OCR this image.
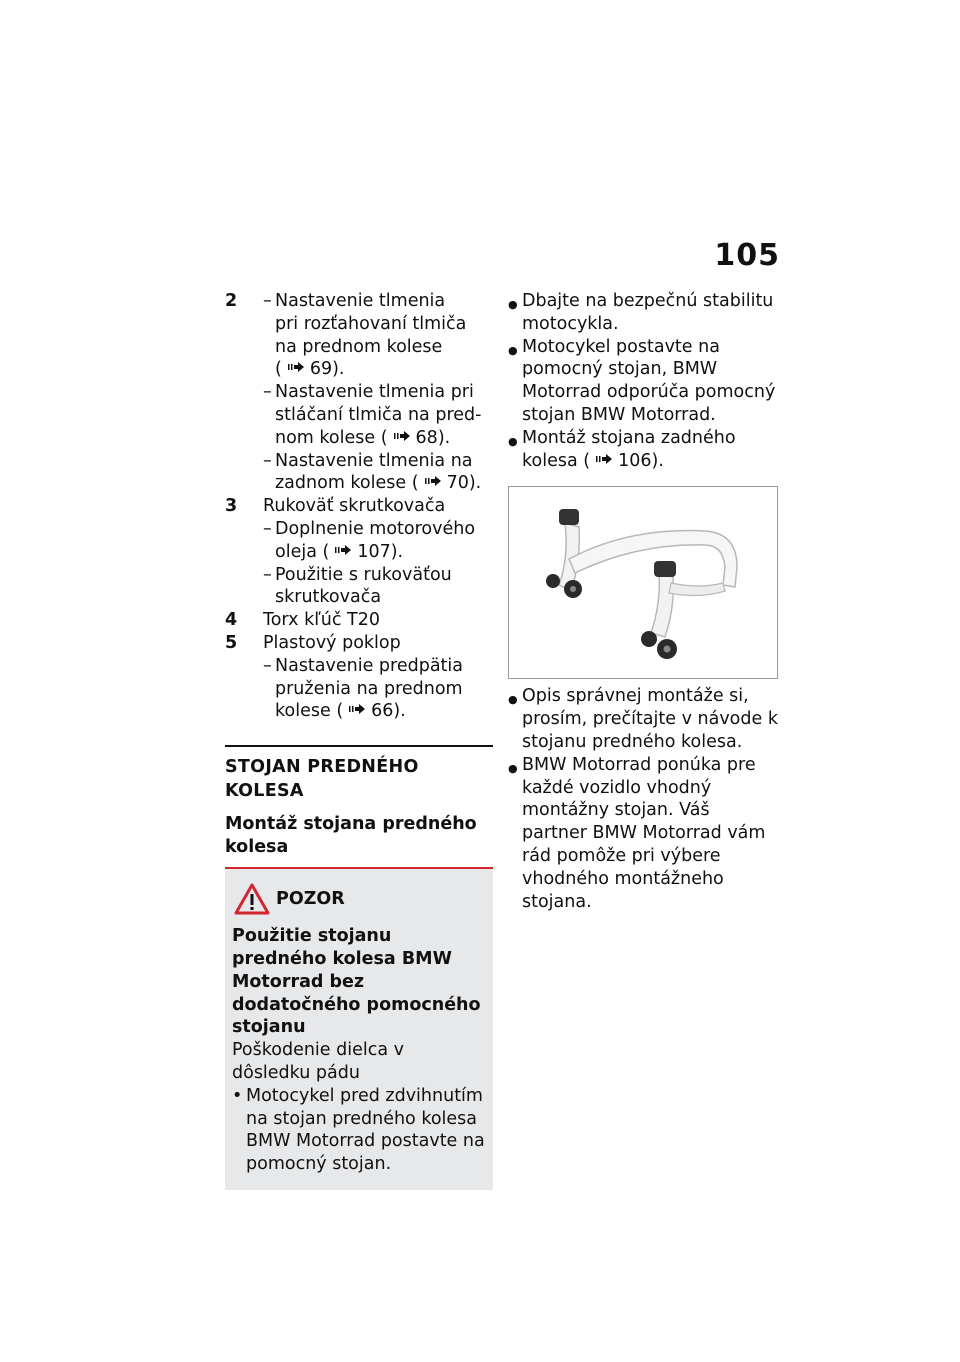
105
2 – Nastavenie tlmenia
pri rozťahovaní tlmiča
na prednom kolese ( 69).
– Nastavenie tlmenia pri
stláčaní tlmiča na pred-
nom kolese ( 68).
– Nastavenie tlmenia na
zadnom kolese ( 70).
3 Rukoväť skrutkovača
– Doplnenie motorového
oleja ( 107).
– Použitie s rukoväťou
skrutkovača
4 Torx kľúč T20
5 Plastový poklop
– Nastavenie predpätia
pruženia na prednom
kolese ( 66).
STOJAN PREDNÉHO KOLESA
Montáž stojana predného kolesa
POZOR
Použitie stojanu predného kolesa BMW Motorrad bez dodatočného pomocného stojanu
Poškodenie dielca v dôsledku pádu
• Motocykel pred zdvihnutím na stojan predného kolesa BMW Motorrad postavte na pomocný stojan.
● Dbajte na bezpečnú stabilitu motocykla.
● Motocykel postavte na pomocný stojan, BMW Motorrad odporúča pomocný stojan BMW Motorrad.
● Montáž stojana zadného kolesa ( 106).
● Opis správnej montáže si, prosím, prečítajte v návode k stojanu predného kolesa.
● BMW Motorrad ponúka pre každé vozidlo vhodný montážny stojan. Váš partner BMW Motorrad vám rád pomôže pri výbere vhodného montážneho stojana.
